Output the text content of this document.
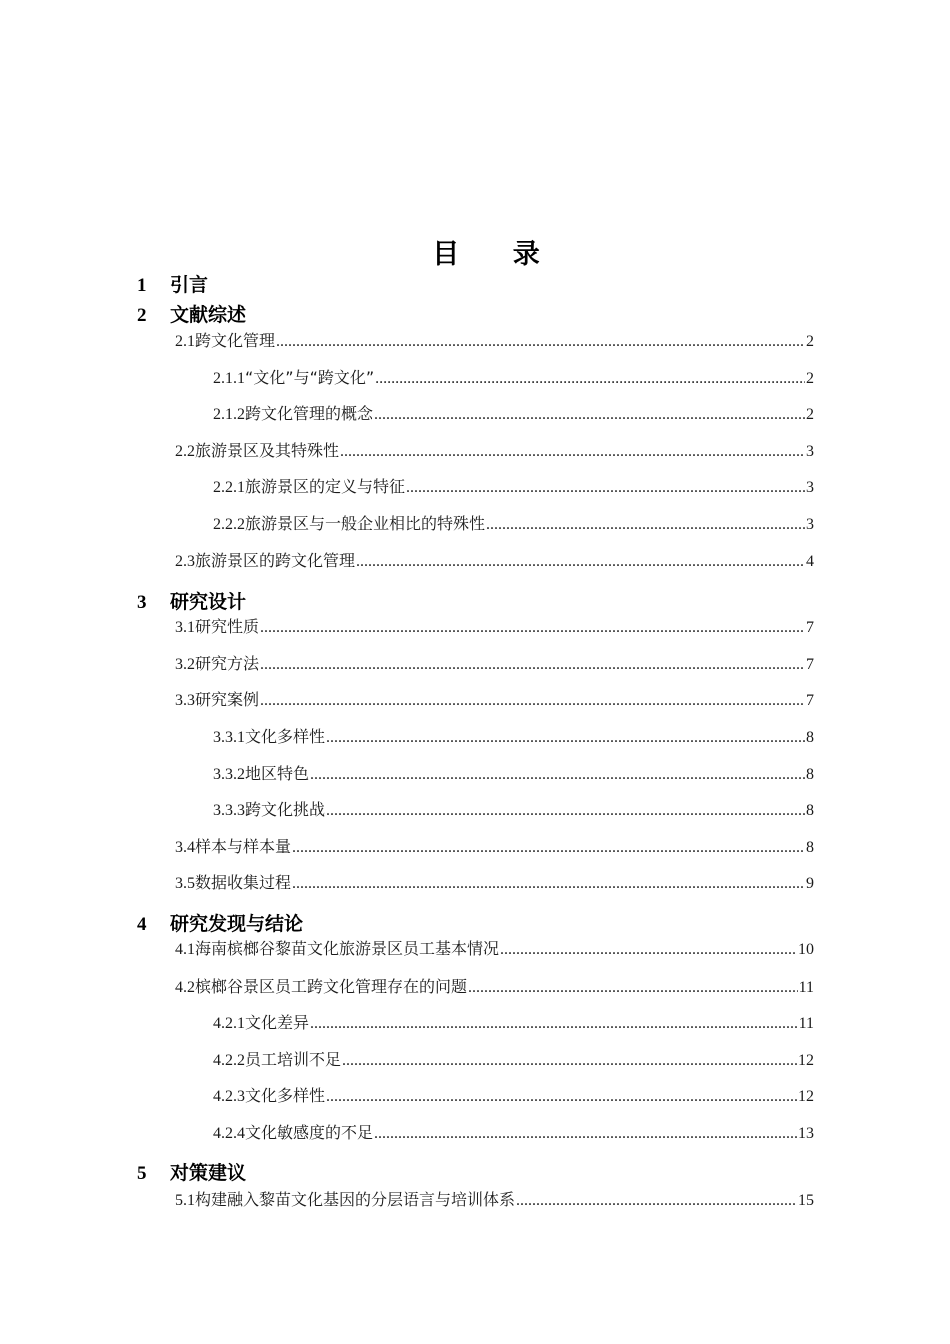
目 录
1	引言
2	文献综述
2.1 跨文化管理 .....	2
2.1.1 “文化”与“跨文化” .....	2
2.1.2 跨文化管理的概念 .....	2
2.2 旅游景区及其特殊性 .....	3
2.2.1 旅游景区的定义与特征 .....	3
2.2.2 旅游景区与一般企业相比的特殊性 .....	3
2.3 旅游景区的跨文化管理 .....	4
3	研究设计
3.1 研究性质 .....	7
3.2 研究方法 .....	7
3.3 研究案例 .....	7
3.3.1 文化多样性 .....	8
3.3.2 地区特色 .....	8
3.3.3 跨文化挑战 .....	8
3.4 样本与样本量 .....	8
3.5 数据收集过程 .....	9
4	研究发现与结论
4.1 海南槟榔谷黎苗文化旅游景区员工基本情况 .....	10
4.2 槟榔谷景区员工跨文化管理存在的问题 .....	11
4.2.1 文化差异 .....	11
4.2.2 员工培训不足 .....	12
4.2.3 文化多样性 .....	12
4.2.4 文化敏感度的不足 .....	13
5	对策建议
5.1 构建融入黎苗文化基因的分层语言与培训体系 .....	15
